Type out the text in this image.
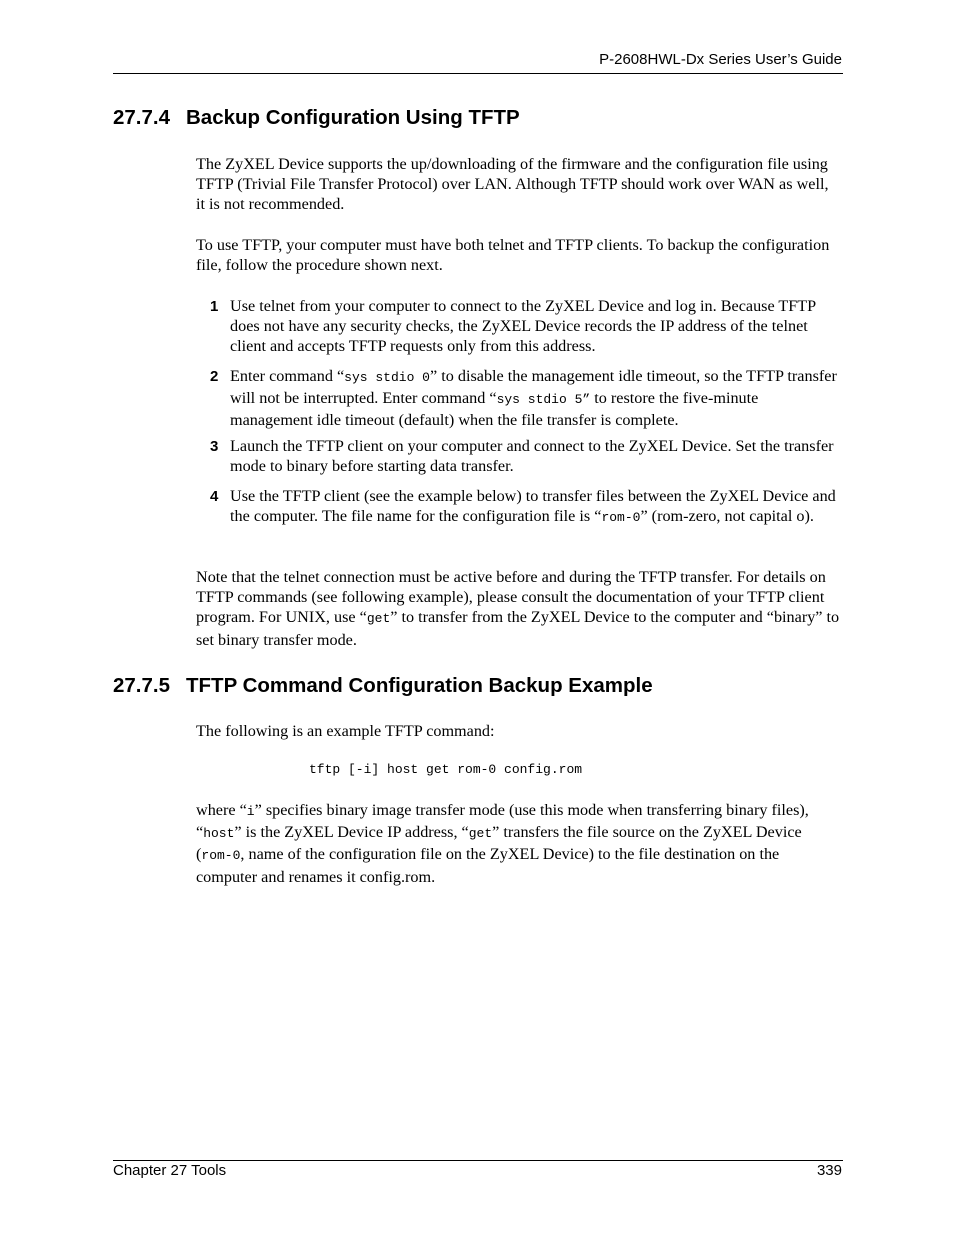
P-2608HWL-Dx Series User’s Guide
27.7.4 Backup Configuration Using TFTP

The ZyXEL Device supports the up/downloading of the firmware and the configuration file using TFTP (Trivial File Transfer Protocol) over LAN. Although TFTP should work over WAN as well, it is not recommended.

To use TFTP, your computer must have both telnet and TFTP clients. To backup the configuration file, follow the procedure shown next.

1 Use telnet from your computer to connect to the ZyXEL Device and log in. Because TFTP does not have any security checks, the ZyXEL Device records the IP address of the telnet client and accepts TFTP requests only from this address.
2 Enter command “sys stdio 0” to disable the management idle timeout, so the TFTP transfer will not be interrupted. Enter command “sys stdio 5” to restore the five-minute management idle timeout (default) when the file transfer is complete.
3 Launch the TFTP client on your computer and connect to the ZyXEL Device. Set the transfer mode to binary before starting data transfer.
4 Use the TFTP client (see the example below) to transfer files between the ZyXEL Device and the computer. The file name for the configuration file is “rom-0” (rom-zero, not capital o).

Note that the telnet connection must be active before and during the TFTP transfer. For details on TFTP commands (see following example), please consult the documentation of your TFTP client program. For UNIX, use “get” to transfer from the ZyXEL Device to the computer and “binary” to set binary transfer mode.

27.7.5 TFTP Command Configuration Backup Example

The following is an example TFTP command:

tftp [-i] host get rom-0 config.rom

where “i” specifies binary image transfer mode (use this mode when transferring binary files), “host” is the ZyXEL Device IP address, “get” transfers the file source on the ZyXEL Device (rom-0, name of the configuration file on the ZyXEL Device) to the file destination on the computer and renames it config.rom.

Chapter 27 Tools	339
